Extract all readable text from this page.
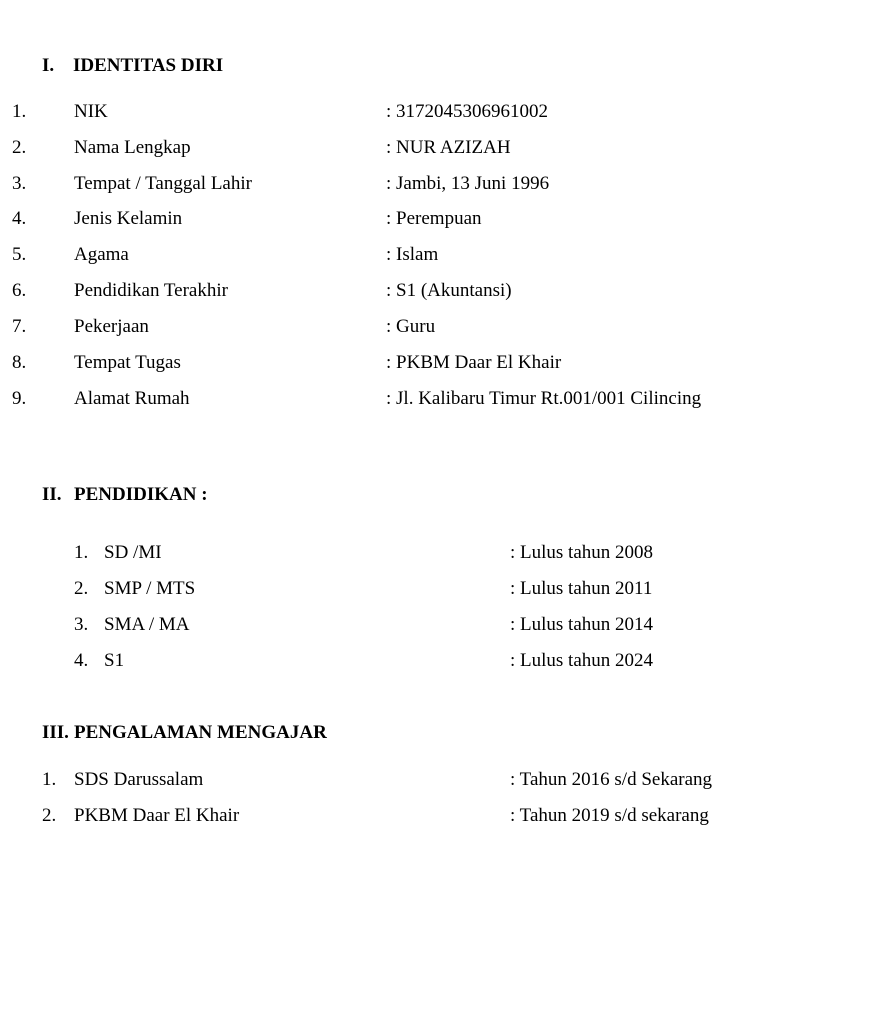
I. IDENTITAS DIRI
1.	NIK	: 3172045306961002
2.	Nama Lengkap	: NUR AZIZAH
3.	Tempat / Tanggal Lahir	: Jambi, 13 Juni 1996
4.	Jenis Kelamin	: Perempuan
5.	Agama	: Islam
6.	Pendidikan Terakhir	: S1 (Akuntansi)
7.	Pekerjaan	: Guru
8.	Tempat Tugas	: PKBM Daar El Khair
9.	Alamat Rumah	: Jl. Kalibaru Timur Rt.001/001 Cilincing
II. PENDIDIKAN :
1. SD /MI	: Lulus tahun 2008
2. SMP / MTS	: Lulus tahun 2011
3. SMA / MA	: Lulus tahun 2014
4. S1	: Lulus tahun 2024
III. PENGALAMAN MENGAJAR
1. SDS Darussalam	: Tahun 2016 s/d Sekarang
2. PKBM Daar El Khair	: Tahun 2019 s/d sekarang
